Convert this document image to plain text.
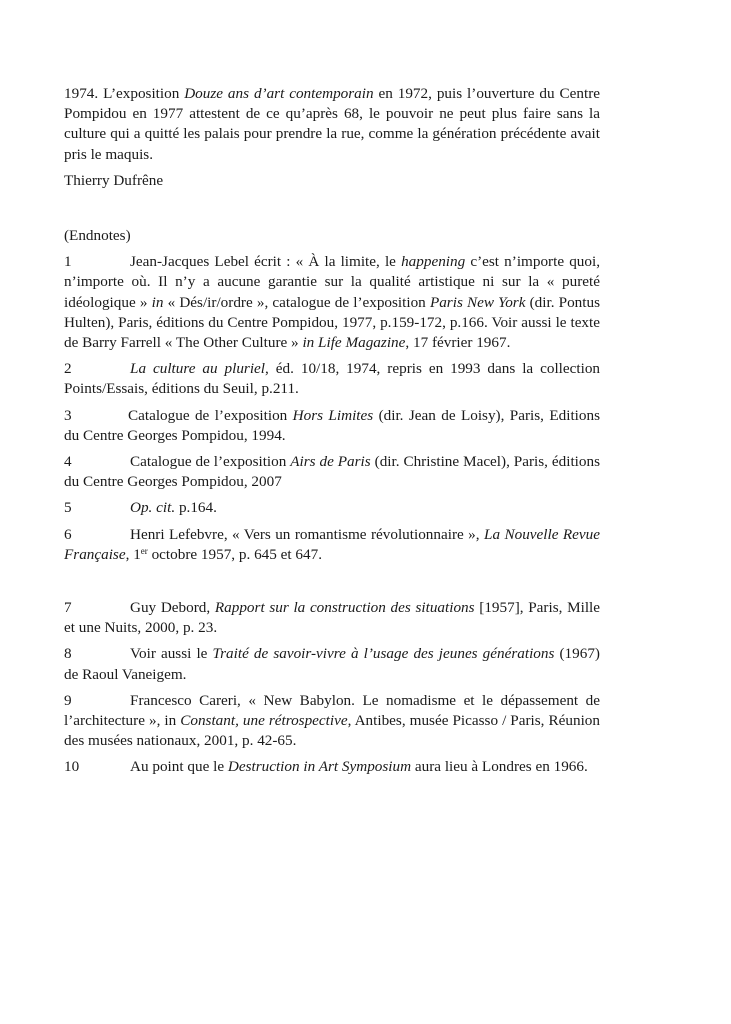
1974. L’exposition Douze ans d’art contemporain en 1972, puis l’ouverture du Centre Pompidou en 1977 attestent de ce qu’après 68, le pouvoir ne peut plus faire sans la culture qui a quitté les palais pour prendre la rue, comme la génération précédente avait pris le maquis.

Thierry Dufrêne

(Endnotes)

1	Jean-Jacques Lebel écrit : « À la limite, le happening c’est n’importe quoi, n’importe où. Il n’y a aucune garantie sur la qualité artistique ni sur la « pureté idéologique » in « Dés/ir/ordre », catalogue de l’exposition Paris New York (dir. Pontus Hulten), Paris, éditions du Centre Pompidou, 1977, p.159-172, p.166. Voir aussi le texte de Barry Farrell « The Other Culture » in Life Magazine, 17 février 1967.

2	La culture au pluriel, éd. 10/18, 1974, repris en 1993 dans la collection Points/Essais, éditions du Seuil, p.211.

3	Catalogue de l’exposition Hors Limites (dir. Jean de Loisy), Paris, Editions du Centre Georges Pompidou, 1994.

4	Catalogue de l’exposition Airs de Paris (dir. Christine Macel), Paris, éditions du Centre Georges Pompidou, 2007

5	Op. cit. p.164.

6	Henri Lefebvre, « Vers un romantisme révolutionnaire », La Nouvelle Revue Française, 1er octobre 1957, p. 645 et 647.

7	Guy Debord, Rapport sur la construction des situations [1957], Paris, Mille et une Nuits, 2000, p. 23.

8	Voir aussi le Traité de savoir-vivre à l’usage des jeunes générations (1967) de Raoul Vaneigem.

9	Francesco Careri, « New Babylon. Le nomadisme et le dépassement de l’architecture », in Constant, une rétrospective, Antibes, musée Picasso / Paris, Réunion des musées nationaux, 2001, p. 42-65.

10	Au point que le Destruction in Art Symposium aura lieu à Londres en 1966.
